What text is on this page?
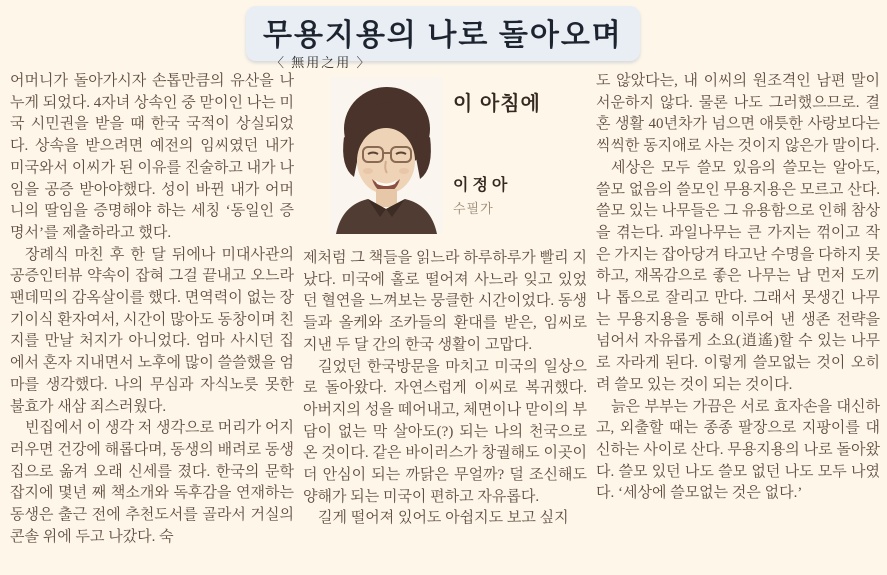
무용지용의 나로 돌아오며
〈 無用之用 〉

어머니가 돌아가시자 손톱만큼의 유산을 나누게 되었다. 4자녀 상속인 중 맏이인 나는 미국 시민권을 받을 때 한국 국적이 상실되었다. 상속을 받으려면 예전의 임씨였던 내가 미국와서 이씨가 된 이유를 진술하고 내가 나임을 공증 받아야했다. 성이 바뀐 내가 어머니의 딸임을 증명해야 하는 세칭 ‘동일인 증명서’를 제출하라고 했다.

장례식 마친 후 한 달 뒤에나 미대사관의 공증인터뷰 약속이 잡혀 그걸 끝내고 오느라 팬데믹의 감옥살이를 했다. 면역력이 없는 장기이식 환자여서, 시간이 많아도 동창이며 친지를 만날 처지가 아니었다. 엄마 사시던 집에서 혼자 지내면서 노후에 많이 쓸쓸했을 엄마를 생각했다. 나의 무심과 자식노릇 못한 불효가 새삼 죄스러웠다.

빈집에서 이 생각 저 생각으로 머리가 어지러우면 건강에 해롭다며, 동생의 배려로 동생집으로 옮겨 오래 신세를 졌다. 한국의 문학잡지에 몇년 째 책소개와 독후감을 연재하는 동생은 출근 전에 추천도서를 골라서 거실의 콘솔 위에 두고 나갔다. 숙

이 아침에
이정아
수필가

제처럼 그 책들을 읽느라 하루하루가 빨리 지났다. 미국에 홀로 떨어져 사느라 잊고 있었던 혈연을 느껴보는 뭉클한 시간이었다. 동생들과 올케와 조카들의 환대를 받은, 임씨로 지낸 두 달 간의 한국 생활이 고맙다.

길었던 한국방문을 마치고 미국의 일상으로 돌아왔다. 자연스럽게 이씨로 복귀했다. 아버지의 성을 떼어내고, 체면이나 맏이의 부담이 없는 막 살아도(?) 되는 나의 천국으로 온 것이다. 같은 바이러스가 창궐해도 이곳이 더 안심이 되는 까닭은 무얼까? 덜 조신해도 양해가 되는 미국이 편하고 자유롭다.

길게 떨어져 있어도 아쉽지도 보고 싶지

도 않았다는, 내 이씨의 원조격인 남편 말이 서운하지 않다. 물론 나도 그러했으므로. 결혼 생활 40년차가 넘으면 애틋한 사랑보다는 씩씩한 동지애로 사는 것이지 않은가 말이다.

세상은 모두 쓸모 있음의 쓸모는 알아도, 쓸모 없음의 쓸모인 무용지용은 모르고 산다. 쓸모 있는 나무들은 그 유용함으로 인해 참상을 겪는다. 과일나무는 큰 가지는 꺾이고 작은 가지는 잡아당겨 타고난 수명을 다하지 못하고, 재목감으로 좋은 나무는 남 먼저 도끼나 톱으로 잘리고 만다. 그래서 못생긴 나무는 무용지용을 통해 이루어 낸 생존 전략을 넘어서 자유롭게 소요(逍遙)할 수 있는 나무로 자라게 된다. 이렇게 쓸모없는 것이 오히려 쓸모 있는 것이 되는 것이다.

늙은 부부는 가끔은 서로 효자손을 대신하고, 외출할 때는 종종 팔장으로 지팡이를 대신하는 사이로 산다. 무용지용의 나로 돌아왔다. 쓸모 있던 나도 쓸모 없던 나도 모두 나였다. ‘세상에 쓸모없는 것은 없다.’
